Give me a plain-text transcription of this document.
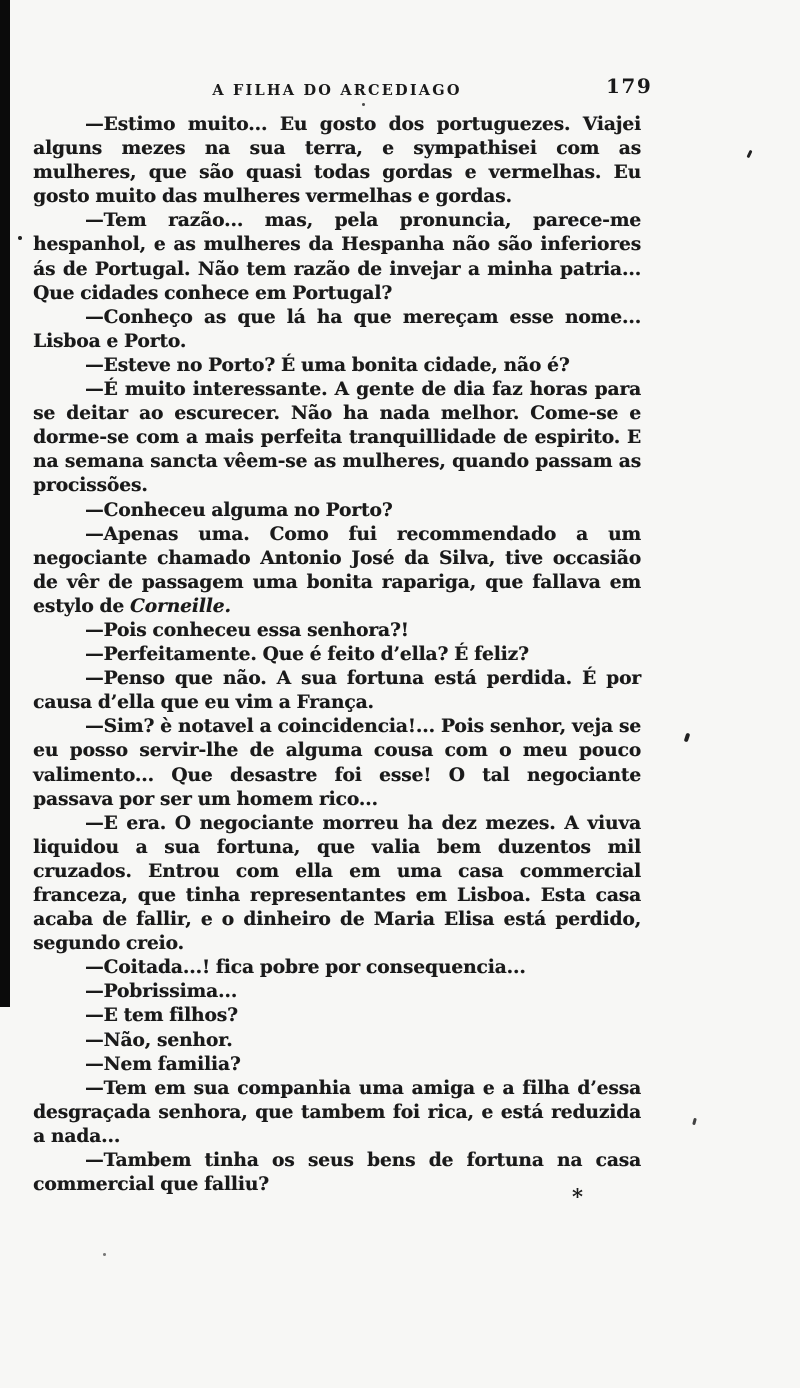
A FILHA DO ARCEDIAGO	179

—Estimo muito... Eu gosto dos portuguezes. Viajei alguns mezes na sua terra, e sympathisei com as mulheres, que são quasi todas gordas e vermelhas. Eu gosto muito das mulheres vermelhas e gordas.

—Tem razão... mas, pela pronuncia, parece-me hespanhol, e as mulheres da Hespanha não são inferiores ás de Portugal. Não tem razão de invejar a minha patria... Que cidades conhece em Portugal?

—Conheço as que lá ha que mereçam esse nome... Lisboa e Porto.

—Esteve no Porto? É uma bonita cidade, não é?

—É muito interessante. A gente de dia faz horas para se deitar ao escurecer. Não ha nada melhor. Come-se e dorme-se com a mais perfeita tranquillidade de espirito. E na semana sancta vêem-se as mulheres, quando passam as procissões.

—Conheceu alguma no Porto?

—Apenas uma. Como fui recommendado a um negociante chamado Antonio José da Silva, tive occasião de vêr de passagem uma bonita rapariga, que fallava em estylo de Corneille.

—Pois conheceu essa senhora?!

—Perfeitamente. Que é feito d’ella? É feliz?

—Penso que não. A sua fortuna está perdida. É por causa d’ella que eu vim a França.

—Sim? è notavel a coincidencia!... Pois senhor, veja se eu posso servir-lhe de alguma cousa com o meu pouco valimento... Que desastre foi esse! O tal negociante passava por ser um homem rico...

—E era. O negociante morreu ha dez mezes. A viuva liquidou a sua fortuna, que valia bem duzentos mil cruzados. Entrou com ella em uma casa commercial franceza, que tinha representantes em Lisboa. Esta casa acaba de fallir, e o dinheiro de Maria Elisa está perdido, segundo creio.

—Coitada...! fica pobre por consequencia...

—Pobrissima...

—E tem filhos?

—Não, senhor.

—Nem familia?

—Tem em sua companhia uma amiga e a filha d’essa desgraçada senhora, que tambem foi rica, e está reduzida a nada...

—Tambem tinha os seus bens de fortuna na casa commercial que falliu?	*
